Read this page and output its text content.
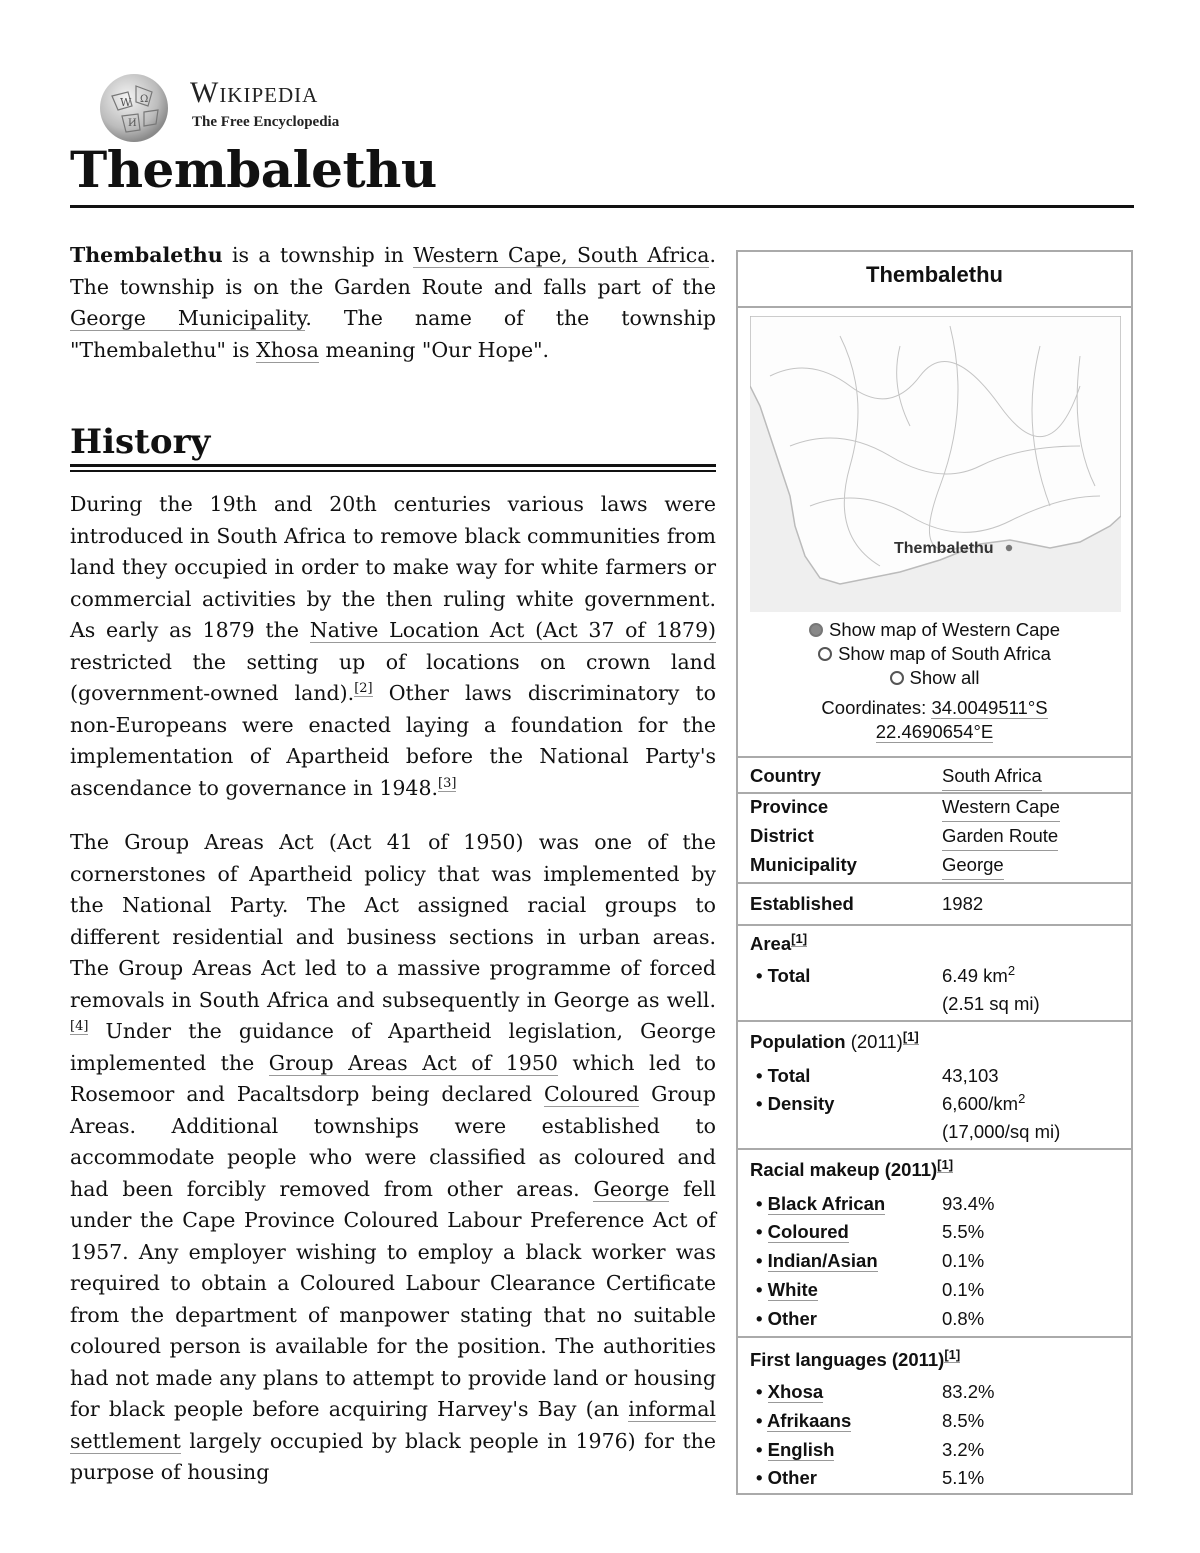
W Ω
И
Wikipedia
The Free Encyclopedia
Thembalethu

Thembalethu is a township in Western Cape, South Africa. The township is on the Garden Route and falls part of the George Municipality. The name of the township "Thembalethu" is Xhosa meaning "Our Hope".

History

During the 19th and 20th centuries various laws were introduced in South Africa to remove black communities from land they occupied in order to make way for white farmers or commercial activities by the then ruling white government. As early as 1879 the Native Location Act (Act 37 of 1879) restricted the setting up of locations on crown land (government-owned land).[2] Other laws discriminatory to non-Europeans were enacted laying a foundation for the implementation of Apartheid before the National Party's ascendance to governance in 1948.[3]

The Group Areas Act (Act 41 of 1950) was one of the cornerstones of Apartheid policy that was implemented by the National Party. The Act assigned racial groups to different residential and business sections in urban areas. The Group Areas Act led to a massive programme of forced removals in South Africa and subsequently in George as well.[4] Under the guidance of Apartheid legislation, George implemented the Group Areas Act of 1950 which led to Rosemoor and Pacaltsdorp being declared Coloured Group Areas. Additional townships were established to accommodate people who were classified as coloured and had been forcibly removed from other areas. George fell under the Cape Province Coloured Labour Preference Act of 1957. Any employer wishing to employ a black worker was required to obtain a Coloured Labour Clearance Certificate from the department of manpower stating that no suitable coloured person is available for the position. The authorities had not made any plans to attempt to provide land or housing for black people before acquiring Harvey's Bay (an informal settlement largely occupied by black people in 1976) for the purpose of housing

Thembalethu
Thembalethu
Show map of Western Cape
Show map of South Africa
Show all
Coordinates: 34.0049511°S
22.4690654°E
Country	South Africa
Province	Western Cape
District	Garden Route
Municipality	George
Established	1982
Area[1]
• Total	6.49 $km^2$
(2.51 sq mi)
Population (2011)[1]
• Total	43,103
• Density	$6,600/km^2$
(17,000/sq mi)
Racial makeup (2011)[1]
• Black African	93.4%
• Coloured	5.5%
• Indian/Asian	0.1%
• White	0.1%
• Other	0.8%
First languages (2011)[1]
• Xhosa	83.2%
• Afrikaans	8.5%
• English	3.2%
• Other	5.1%
